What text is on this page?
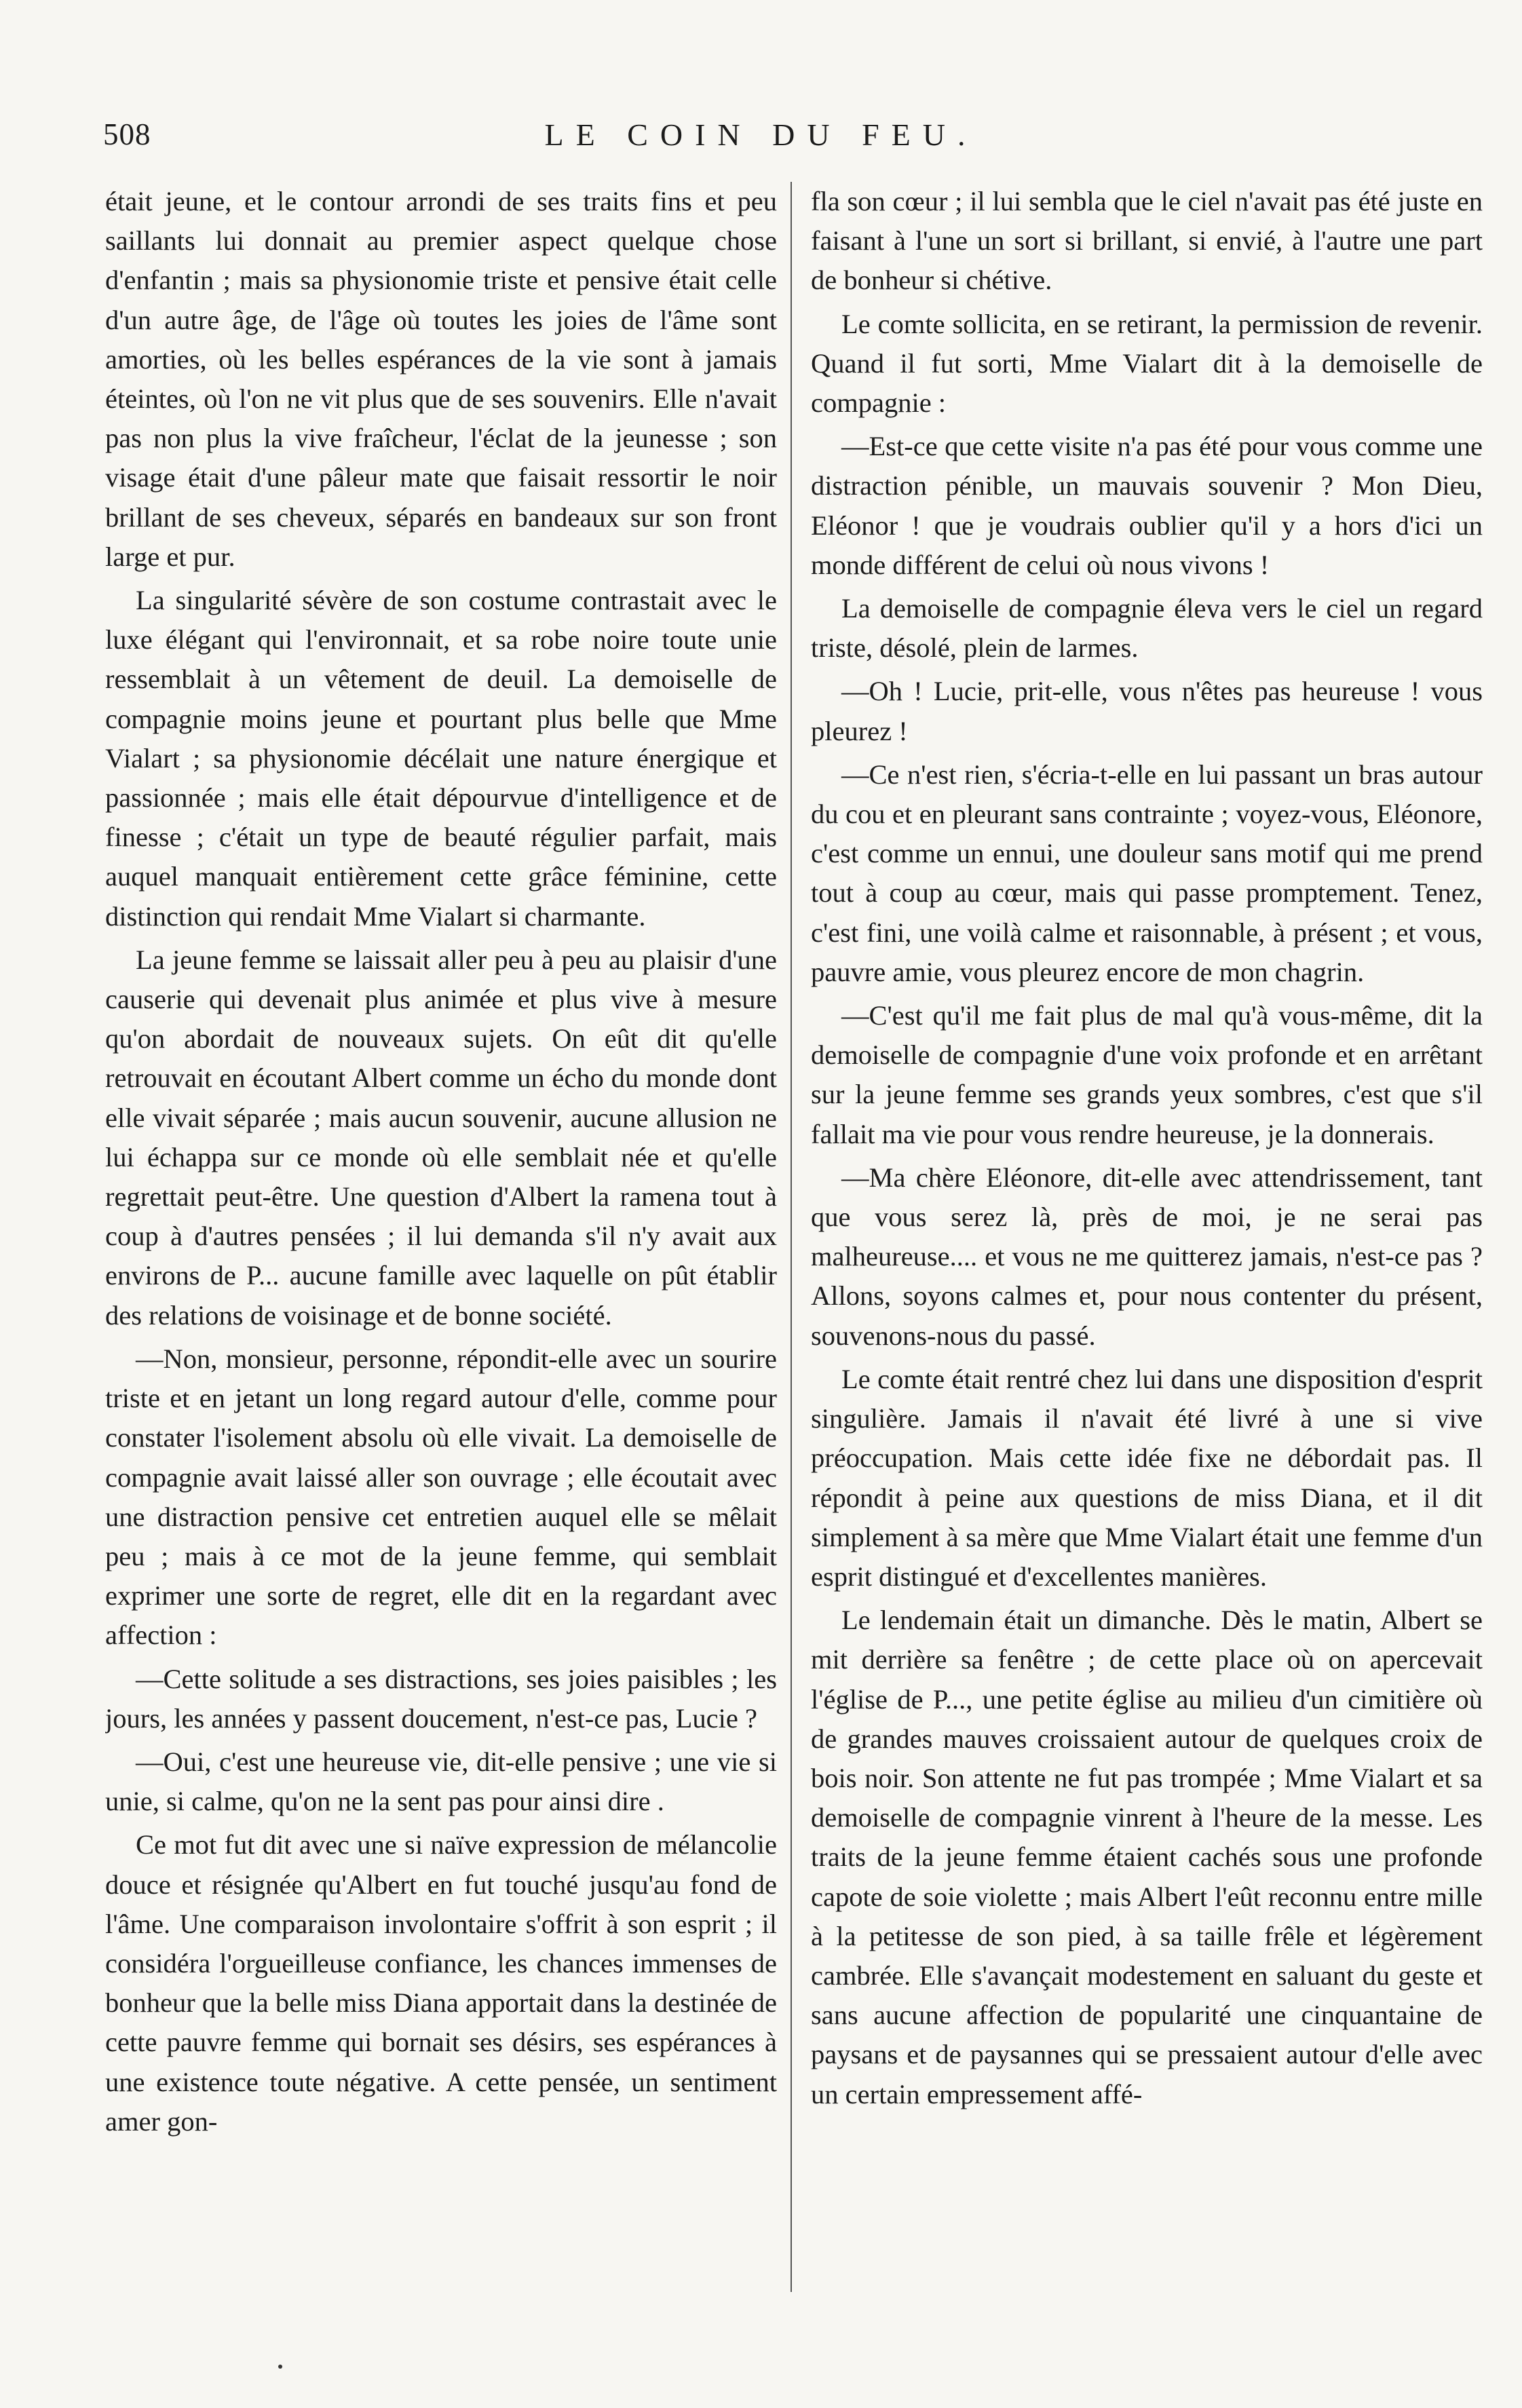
508	LE COIN DU FEU.

était jeune, et le contour arrondi de ses traits fins et peu saillants lui donnait au premier aspect quelque chose d'enfantin ; mais sa physionomie triste et pensive était celle d'un autre âge, de l'âge où toutes les joies de l'âme sont amorties, où les belles espérances de la vie sont à jamais éteintes, où l'on ne vit plus que de ses souvenirs. Elle n'avait pas non plus la vive fraîcheur, l'éclat de la jeunesse ; son visage était d'une pâleur mate que faisait ressortir le noir brillant de ses cheveux, séparés en bandeaux sur son front large et pur.

La singularité sévère de son costume contrastait avec le luxe élégant qui l'environnait, et sa robe noire toute unie ressemblait à un vêtement de deuil. La demoiselle de compagnie moins jeune et pourtant plus belle que Mme Vialart ; sa physionomie décélait une nature énergique et passionnée ; mais elle était dépourvue d'intelligence et de finesse ; c'était un type de beauté régulier parfait, mais auquel manquait entièrement cette grâce féminine, cette distinction qui rendait Mme Vialart si charmante.

La jeune femme se laissait aller peu à peu au plaisir d'une causerie qui devenait plus animée et plus vive à mesure qu'on abordait de nouveaux sujets. On eût dit qu'elle retrouvait en écoutant Albert comme un écho du monde dont elle vivait séparée ; mais aucun souvenir, aucune allusion ne lui échappa sur ce monde où elle semblait née et qu'elle regrettait peut-être. Une question d'Albert la ramena tout à coup à d'autres pensées ; il lui demanda s'il n'y avait aux environs de P... aucune famille avec laquelle on pût établir des relations de voisinage et de bonne société.

—Non, monsieur, personne, répondit-elle avec un sourire triste et en jetant un long regard autour d'elle, comme pour constater l'isolement absolu où elle vivait. La demoiselle de compagnie avait laissé aller son ouvrage ; elle écoutait avec une distraction pensive cet entretien auquel elle se mêlait peu ; mais à ce mot de la jeune femme, qui semblait exprimer une sorte de regret, elle dit en la regardant avec affection :

—Cette solitude a ses distractions, ses joies paisibles ; les jours, les années y passent doucement, n'est-ce pas, Lucie ?

—Oui, c'est une heureuse vie, dit-elle pensive ; une vie si unie, si calme, qu'on ne la sent pas pour ainsi dire .

Ce mot fut dit avec une si naïve expression de mélancolie douce et résignée qu'Albert en fut touché jusqu'au fond de l'âme. Une comparaison involontaire s'offrit à son esprit ; il considéra l'orgueilleuse confiance, les chances immenses de bonheur que la belle miss Diana apportait dans la destinée de cette pauvre femme qui bornait ses désirs, ses espérances à une existence toute négative. A cette pensée, un sentiment amer gon-

fla son cœur ; il lui sembla que le ciel n'avait pas été juste en faisant à l'une un sort si brillant, si envié, à l'autre une part de bonheur si chétive.

Le comte sollicita, en se retirant, la permission de revenir. Quand il fut sorti, Mme Vialart dit à la demoiselle de compagnie :

—Est-ce que cette visite n'a pas été pour vous comme une distraction pénible, un mauvais souvenir ? Mon Dieu, Eléonor ! que je voudrais oublier qu'il y a hors d'ici un monde différent de celui où nous vivons !

La demoiselle de compagnie éleva vers le ciel un regard triste, désolé, plein de larmes.

—Oh ! Lucie, prit-elle, vous n'êtes pas heureuse ! vous pleurez !

—Ce n'est rien, s'écria-t-elle en lui passant un bras autour du cou et en pleurant sans contrainte ; voyez-vous, Eléonore, c'est comme un ennui, une douleur sans motif qui me prend tout à coup au cœur, mais qui passe promptement. Tenez, c'est fini, une voilà calme et raisonnable, à présent ; et vous, pauvre amie, vous pleurez encore de mon chagrin.

—C'est qu'il me fait plus de mal qu'à vous-même, dit la demoiselle de compagnie d'une voix profonde et en arrêtant sur la jeune femme ses grands yeux sombres, c'est que s'il fallait ma vie pour vous rendre heureuse, je la donnerais.

—Ma chère Eléonore, dit-elle avec attendrissement, tant que vous serez là, près de moi, je ne serai pas malheureuse.... et vous ne me quitterez jamais, n'est-ce pas ? Allons, soyons calmes et, pour nous contenter du présent, souvenons-nous du passé.

Le comte était rentré chez lui dans une disposition d'esprit singulière. Jamais il n'avait été livré à une si vive préoccupation. Mais cette idée fixe ne débordait pas. Il répondit à peine aux questions de miss Diana, et il dit simplement à sa mère que Mme Vialart était une femme d'un esprit distingué et d'excellentes manières.

Le lendemain était un dimanche. Dès le matin, Albert se mit derrière sa fenêtre ; de cette place où on apercevait l'église de P..., une petite église au milieu d'un cimitière où de grandes mauves croissaient autour de quelques croix de bois noir. Son attente ne fut pas trompée ; Mme Vialart et sa demoiselle de compagnie vinrent à l'heure de la messe. Les traits de la jeune femme étaient cachés sous une profonde capote de soie violette ; mais Albert l'eût reconnu entre mille à la petitesse de son pied, à sa taille frêle et légèrement cambrée. Elle s'avançait modestement en saluant du geste et sans aucune affection de popularité une cinquantaine de paysans et de paysannes qui se pressaient autour d'elle avec un certain empressement affé-
